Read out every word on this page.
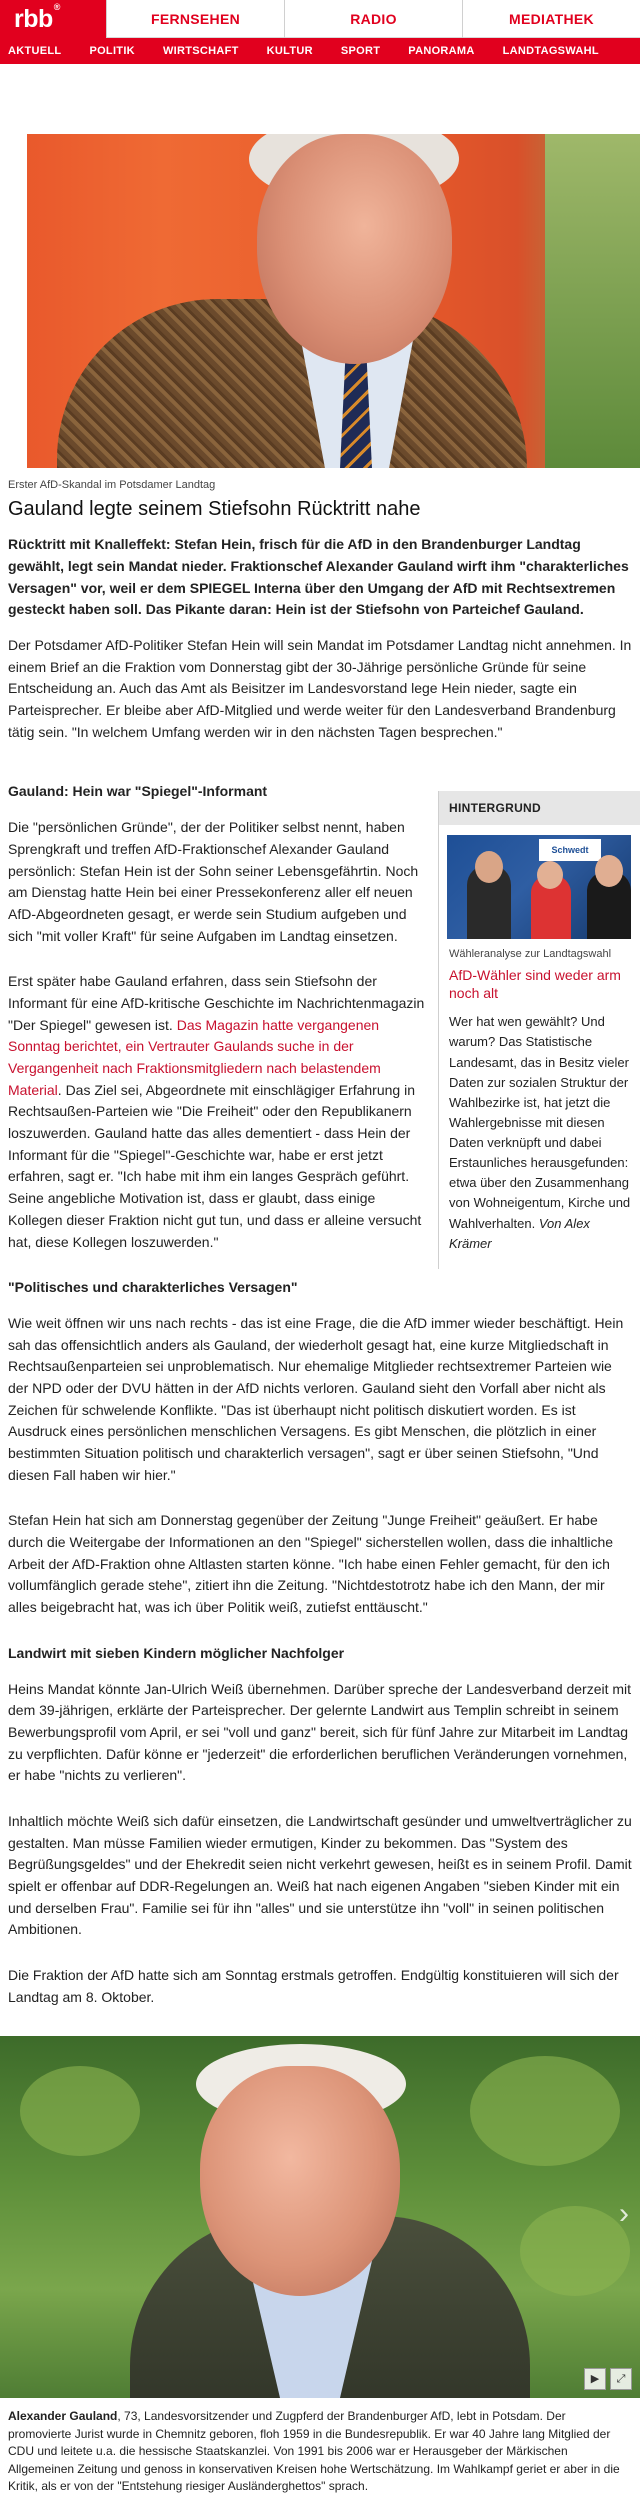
rbb®
FERNSEHEN	RADIO	MEDIATHEK
AKTUELL	POLITIK	WIRTSCHAFT	KULTUR	SPORT	PANORAMA	LANDTAGSWAHL
Erster AfD-Skandal im Potsdamer Landtag
Gauland legte seinem Stiefsohn Rücktritt nahe

Rücktritt mit Knalleffekt: Stefan Hein, frisch für die AfD in den Brandenburger Landtag gewählt, legt sein Mandat nieder. Fraktionschef Alexander Gauland wirft ihm "charakterliches Versagen" vor, weil er dem SPIEGEL Interna über den Umgang der AfD mit Rechtsextremen gesteckt haben soll. Das Pikante daran: Hein ist der Stiefsohn von Parteichef Gauland.

Der Potsdamer AfD-Politiker Stefan Hein will sein Mandat im Potsdamer Landtag nicht annehmen. In einem Brief an die Fraktion vom Donnerstag gibt der 30-Jährige persönliche Gründe für seine Entscheidung an. Auch das Amt als Beisitzer im Landesvorstand lege Hein nieder, sagte ein Parteisprecher. Er bleibe aber AfD-Mitglied und werde weiter für den Landesverband Brandenburg tätig sein. "In welchem Umfang werden wir in den nächsten Tagen besprechen."

Gauland: Hein war "Spiegel"-Informant

Die "persönlichen Gründe", der der Politiker selbst nennt, haben Sprengkraft und treffen AfD-Fraktionschef Alexander Gauland persönlich: Stefan Hein ist der Sohn seiner Lebensgefährtin. Noch am Dienstag hatte Hein bei einer Pressekonferenz aller elf neuen AfD-Abgeordneten gesagt, er werde sein Studium aufgeben und sich "mit voller Kraft" für seine Aufgaben im Landtag einsetzen.

Erst später habe Gauland erfahren, dass sein Stiefsohn der Informant für eine AfD-kritische Geschichte im Nachrichtenmagazin "Der Spiegel" gewesen ist. Das Magazin hatte vergangenen Sonntag berichtet, ein Vertrauter Gaulands suche in der Vergangenheit nach Fraktionsmitgliedern nach belastendem Material. Das Ziel sei, Abgeordnete mit einschlägiger Erfahrung in Rechtsaußen-Parteien wie "Die Freiheit" oder den Republikanern loszuwerden. Gauland hatte das alles dementiert - dass Hein der Informant für die "Spiegel"-Geschichte war, habe er erst jetzt erfahren, sagt er. "Ich habe mit ihm ein langes Gespräch geführt. Seine angebliche Motivation ist, dass er glaubt, dass einige Kollegen dieser Fraktion nicht gut tun, und dass er alleine versucht hat, diese Kollegen loszuwerden."

"Politisches und charakterliches Versagen"

Wie weit öffnen wir uns nach rechts - das ist eine Frage, die die AfD immer wieder beschäftigt. Hein sah das offensichtlich anders als Gauland, der wiederholt gesagt hat, eine kurze Mitgliedschaft in Rechtsaußenparteien sei unproblematisch. Nur ehemalige Mitglieder rechtsextremer Parteien wie der NPD oder der DVU hätten in der AfD nichts verloren. Gauland sieht den Vorfall aber nicht als Zeichen für schwelende Konflikte. "Das ist überhaupt nicht politisch diskutiert worden. Es ist Ausdruck eines persönlichen menschlichen Versagens. Es gibt Menschen, die plötzlich in einer bestimmten Situation politisch und charakterlich versagen", sagt er über seinen Stiefsohn, "Und diesen Fall haben wir hier."

Stefan Hein hat sich am Donnerstag gegenüber der Zeitung "Junge Freiheit" geäußert. Er habe durch die Weitergabe der Informationen an den "Spiegel" sicherstellen wollen, dass die inhaltliche Arbeit der AfD-Fraktion ohne Altlasten starten könne. "Ich habe einen Fehler gemacht, für den ich vollumfänglich gerade stehe", zitiert ihn die Zeitung. "Nichtdestotrotz habe ich den Mann, der mir alles beigebracht hat, was ich über Politik weiß, zutiefst enttäuscht."

Landwirt mit sieben Kindern möglicher Nachfolger

Heins Mandat könnte Jan-Ulrich Weiß übernehmen. Darüber spreche der Landesverband derzeit mit dem 39-jährigen, erklärte der Parteisprecher. Der gelernte Landwirt aus Templin schreibt in seinem Bewerbungsprofil vom April, er sei "voll und ganz" bereit, sich für fünf Jahre zur Mitarbeit im Landtag zu verpflichten. Dafür könne er "jederzeit" die erforderlichen beruflichen Veränderungen vornehmen, er habe "nichts zu verlieren".

Inhaltlich möchte Weiß sich dafür einsetzen, die Landwirtschaft gesünder und umweltverträglicher zu gestalten. Man müsse Familien wieder ermutigen, Kinder zu bekommen. Das "System des Begrüßungsgeldes" und der Ehekredit seien nicht verkehrt gewesen, heißt es in seinem Profil. Damit spielt er offenbar auf DDR-Regelungen an. Weiß hat nach eigenen Angaben "sieben Kinder mit ein und derselben Frau". Familie sei für ihn "alles" und sie unterstütze ihn "voll" in seinen politischen Ambitionen.

Die Fraktion der AfD hatte sich am Sonntag erstmals getroffen. Endgültig konstituieren will sich der Landtag am 8. Oktober.

›
▶	⤢

Alexander Gauland, 73, Landesvorsitzender und Zugpferd der Brandenburger AfD, lebt in Potsdam. Der promovierte Jurist wurde in Chemnitz geboren, floh 1959 in die Bundesrepublik. Er war 40 Jahre lang Mitglied der CDU und leitete u.a. die hessische Staatskanzlei. Von 1991 bis 2006 war er Herausgeber der Märkischen Allgemeinen Zeitung und genoss in konservativen Kreisen hohe Wertschätzung. Im Wahlkampf geriet er aber in die Kritik, als er von der "Entstehung riesiger Ausländerghettos" sprach.

HINTERGRUND
Schwedt
Wähleranalyse zur Landtagswahl
AfD-Wähler sind weder arm noch alt

Wer hat wen gewählt? Und warum? Das Statistische Landesamt, das in Besitz vieler Daten zur sozialen Struktur der Wahlbezirke ist, hat jetzt die Wahlergebnisse mit diesen Daten verknüpft und dabei Erstaunliches herausgefunden: etwa über den Zusammenhang von Wohneigentum, Kirche und Wahlverhalten. Von Alex Krämer
